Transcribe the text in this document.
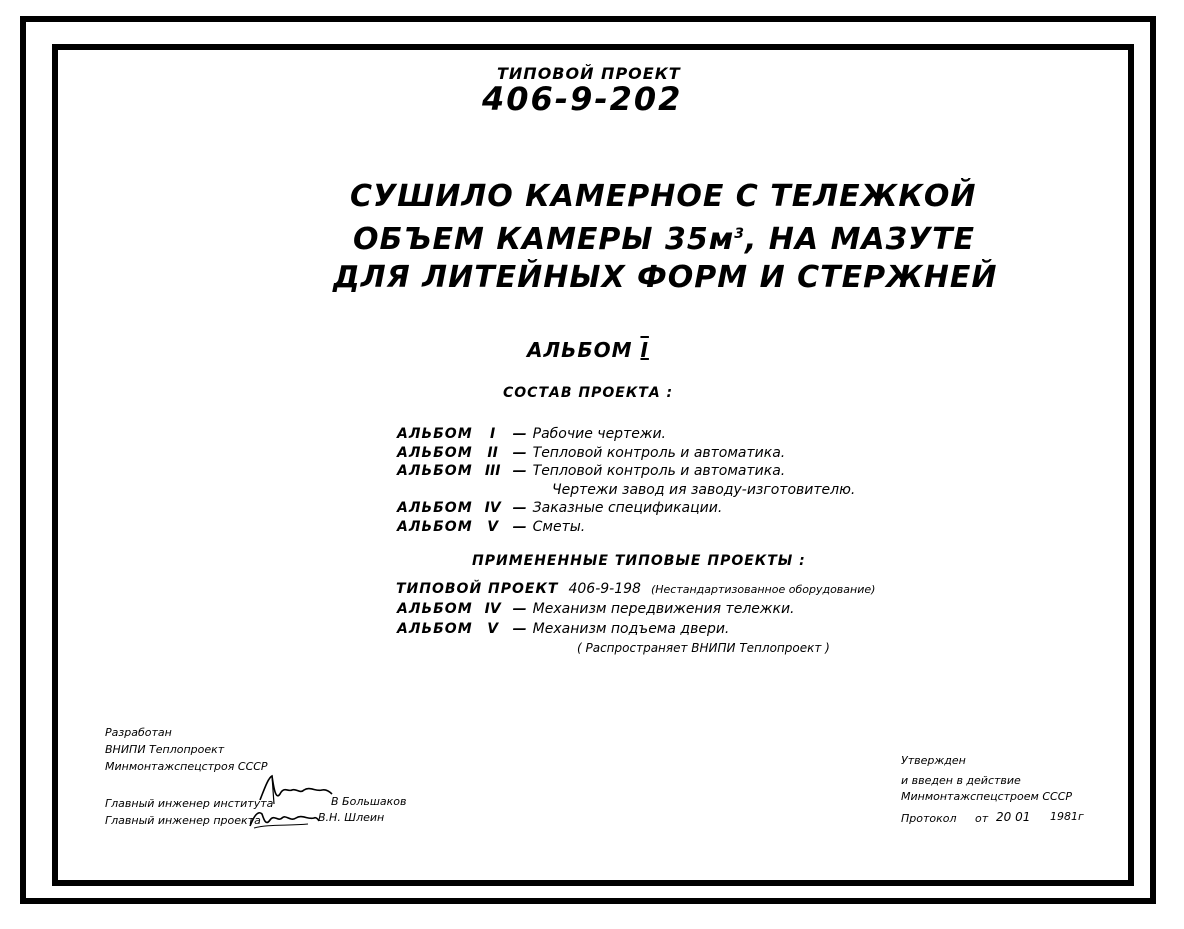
ТИПОВОЙ ПРОЕКТ
406-9-202
СУШИЛО КАМЕРНОЕ С ТЕЛЕЖКОЙ
ОБЪЕМ КАМЕРЫ $35м^3$, НА МАЗУТЕ
ДЛЯ ЛИТЕЙНЫХ ФОРМ И СТЕРЖНЕЙ
АЛЬБОМ I
СОСТАВ ПРОЕКТА :
АЛЬБОМ I — Рабочие чертежи.
АЛЬБОМ II — Тепловой контроль и автоматика.
АЛЬБОМ III — Тепловой контроль и автоматика.
Чертежи завод ия заводу-изготовителю.
АЛЬБОМ IV — Заказные спецификации.
АЛЬБОМ V — Сметы.
ПРИМЕНЕННЫЕ ТИПОВЫЕ ПРОЕКТЫ :
ТИПОВОЙ ПРОЕКТ 406-9-198 (Нестандартизованное оборудование)
АЛЬБОМ IV — Механизм передвижения тележки.
АЛЬБОМ V — Механизм подъема двери.
( Распространяет ВНИПИ Теплопроект )
Разработан
ВНИПИ Теплопроект
Минмонтажспецстроя СССР
Главный инженер института	В Большаков
Главный инженер проекта	В.Н. Шлеин
Утвержден
и введен в действие
Минмонтажспецстроем СССР
Протокол от 20 01 1981г
